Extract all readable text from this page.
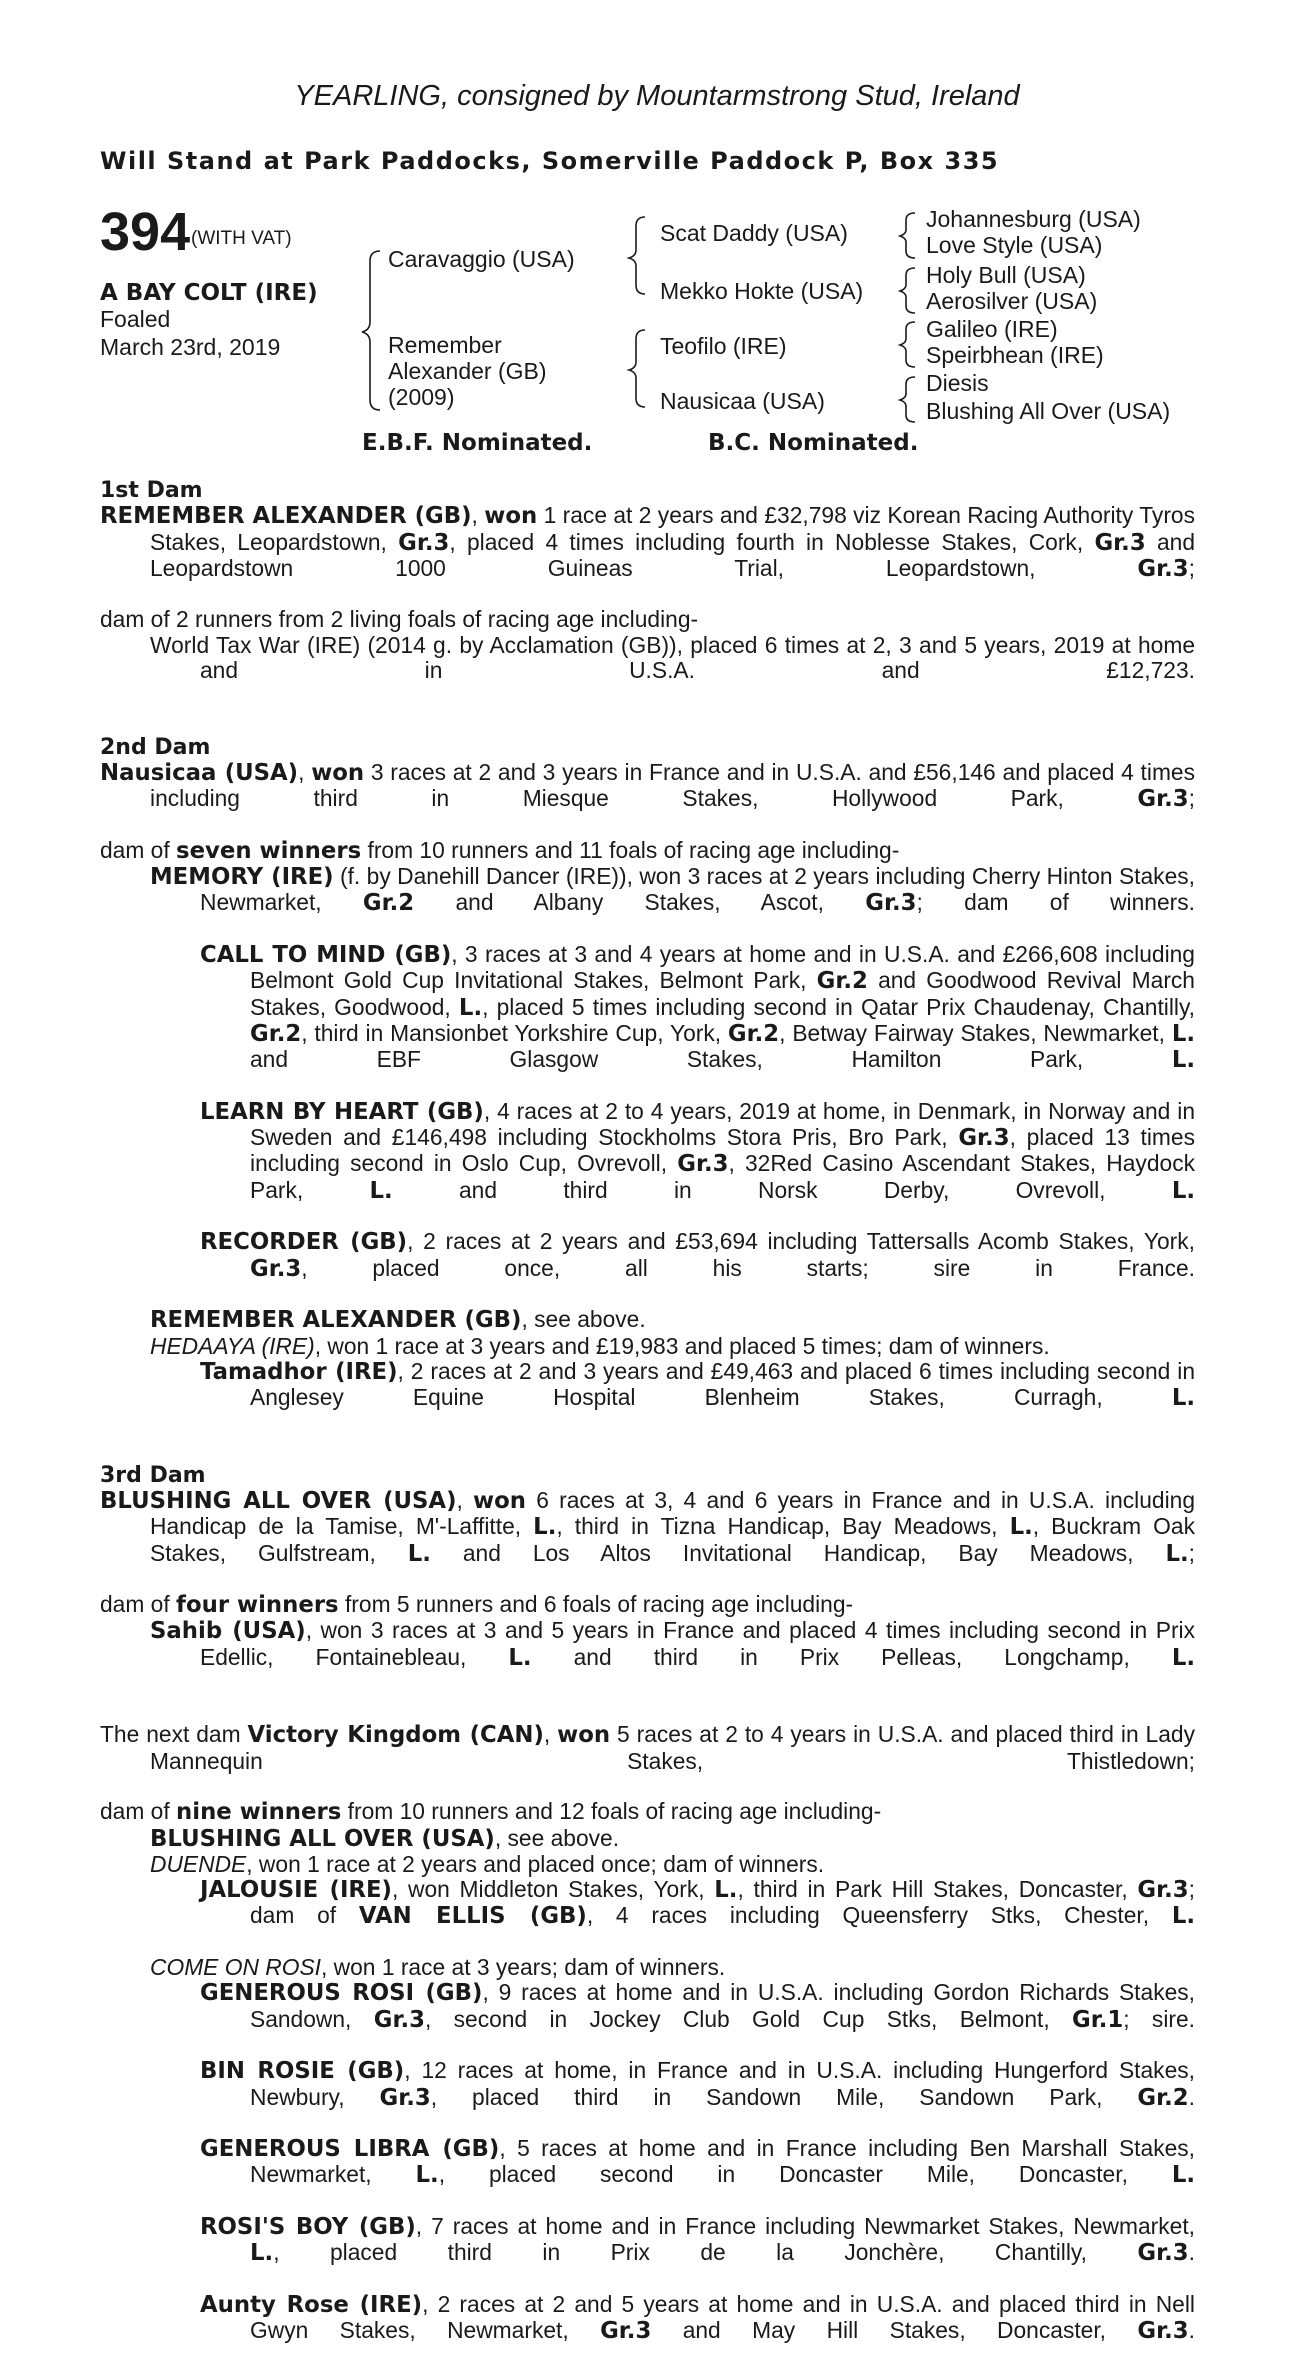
YEARLING, consigned by Mountarmstrong Stud, Ireland
Will Stand at Park Paddocks, Somerville Paddock P, Box 335
394 (WITH VAT)
A BAY COLT (IRE)
Foaled
March 23rd, 2019
Caravaggio (USA)
Remember
Alexander (GB)
(2009)
Scat Daddy (USA)
Mekko Hokte (USA)
Teofilo (IRE)
Nausicaa (USA)
Johannesburg (USA)
Love Style (USA)
Holy Bull (USA)
Aerosilver (USA)
Galileo (IRE)
Speirbhean (IRE)
Diesis
Blushing All Over (USA)
E.B.F. Nominated.	B.C. Nominated.
1st Dam
REMEMBER ALEXANDER (GB), won 1 race at 2 years and £32,798 viz Korean Racing Authority Tyros Stakes, Leopardstown, Gr.3, placed 4 times including fourth in Noblesse Stakes, Cork, Gr.3 and Leopardstown 1000 Guineas Trial, Leopardstown, Gr.3;
dam of 2 runners from 2 living foals of racing age including-
World Tax War (IRE) (2014 g. by Acclamation (GB)), placed 6 times at 2, 3 and 5 years, 2019 at home and in U.S.A. and £12,723.
2nd Dam
Nausicaa (USA), won 3 races at 2 and 3 years in France and in U.S.A. and £56,146 and placed 4 times including third in Miesque Stakes, Hollywood Park, Gr.3;
dam of seven winners from 10 runners and 11 foals of racing age including-
MEMORY (IRE) (f. by Danehill Dancer (IRE)), won 3 races at 2 years including Cherry Hinton Stakes, Newmarket, Gr.2 and Albany Stakes, Ascot, Gr.3; dam of winners.
CALL TO MIND (GB), 3 races at 3 and 4 years at home and in U.S.A. and £266,608 including Belmont Gold Cup Invitational Stakes, Belmont Park, Gr.2 and Goodwood Revival March Stakes, Goodwood, L., placed 5 times including second in Qatar Prix Chaudenay, Chantilly, Gr.2, third in Mansionbet Yorkshire Cup, York, Gr.2, Betway Fairway Stakes, Newmarket, L. and EBF Glasgow Stakes, Hamilton Park, L.
LEARN BY HEART (GB), 4 races at 2 to 4 years, 2019 at home, in Denmark, in Norway and in Sweden and £146,498 including Stockholms Stora Pris, Bro Park, Gr.3, placed 13 times including second in Oslo Cup, Ovrevoll, Gr.3, 32Red Casino Ascendant Stakes, Haydock Park, L. and third in Norsk Derby, Ovrevoll, L.
RECORDER (GB), 2 races at 2 years and £53,694 including Tattersalls Acomb Stakes, York, Gr.3, placed once, all his starts; sire in France.
REMEMBER ALEXANDER (GB), see above.
HEDAAYA (IRE), won 1 race at 3 years and £19,983 and placed 5 times; dam of winners.
Tamadhor (IRE), 2 races at 2 and 3 years and £49,463 and placed 6 times including second in Anglesey Equine Hospital Blenheim Stakes, Curragh, L.
3rd Dam
BLUSHING ALL OVER (USA), won 6 races at 3, 4 and 6 years in France and in U.S.A. including Handicap de la Tamise, M'-Laffitte, L., third in Tizna Handicap, Bay Meadows, L., Buckram Oak Stakes, Gulfstream, L. and Los Altos Invitational Handicap, Bay Meadows, L.;
dam of four winners from 5 runners and 6 foals of racing age including-
Sahib (USA), won 3 races at 3 and 5 years in France and placed 4 times including second in Prix Edellic, Fontainebleau, L. and third in Prix Pelleas, Longchamp, L.
The next dam Victory Kingdom (CAN), won 5 races at 2 to 4 years in U.S.A. and placed third in Lady Mannequin Stakes, Thistledown;
dam of nine winners from 10 runners and 12 foals of racing age including-
BLUSHING ALL OVER (USA), see above.
DUENDE, won 1 race at 2 years and placed once; dam of winners.
JALOUSIE (IRE), won Middleton Stakes, York, L., third in Park Hill Stakes, Doncaster, Gr.3; dam of VAN ELLIS (GB), 4 races including Queensferry Stks, Chester, L.
COME ON ROSI, won 1 race at 3 years; dam of winners.
GENEROUS ROSI (GB), 9 races at home and in U.S.A. including Gordon Richards Stakes, Sandown, Gr.3, second in Jockey Club Gold Cup Stks, Belmont, Gr.1; sire.
BIN ROSIE (GB), 12 races at home, in France and in U.S.A. including Hungerford Stakes, Newbury, Gr.3, placed third in Sandown Mile, Sandown Park, Gr.2.
GENEROUS LIBRA (GB), 5 races at home and in France including Ben Marshall Stakes, Newmarket, L., placed second in Doncaster Mile, Doncaster, L.
ROSI'S BOY (GB), 7 races at home and in France including Newmarket Stakes, Newmarket, L., placed third in Prix de la Jonchère, Chantilly, Gr.3.
Aunty Rose (IRE), 2 races at 2 and 5 years at home and in U.S.A. and placed third in Nell Gwyn Stakes, Newmarket, Gr.3 and May Hill Stakes, Doncaster, Gr.3.
